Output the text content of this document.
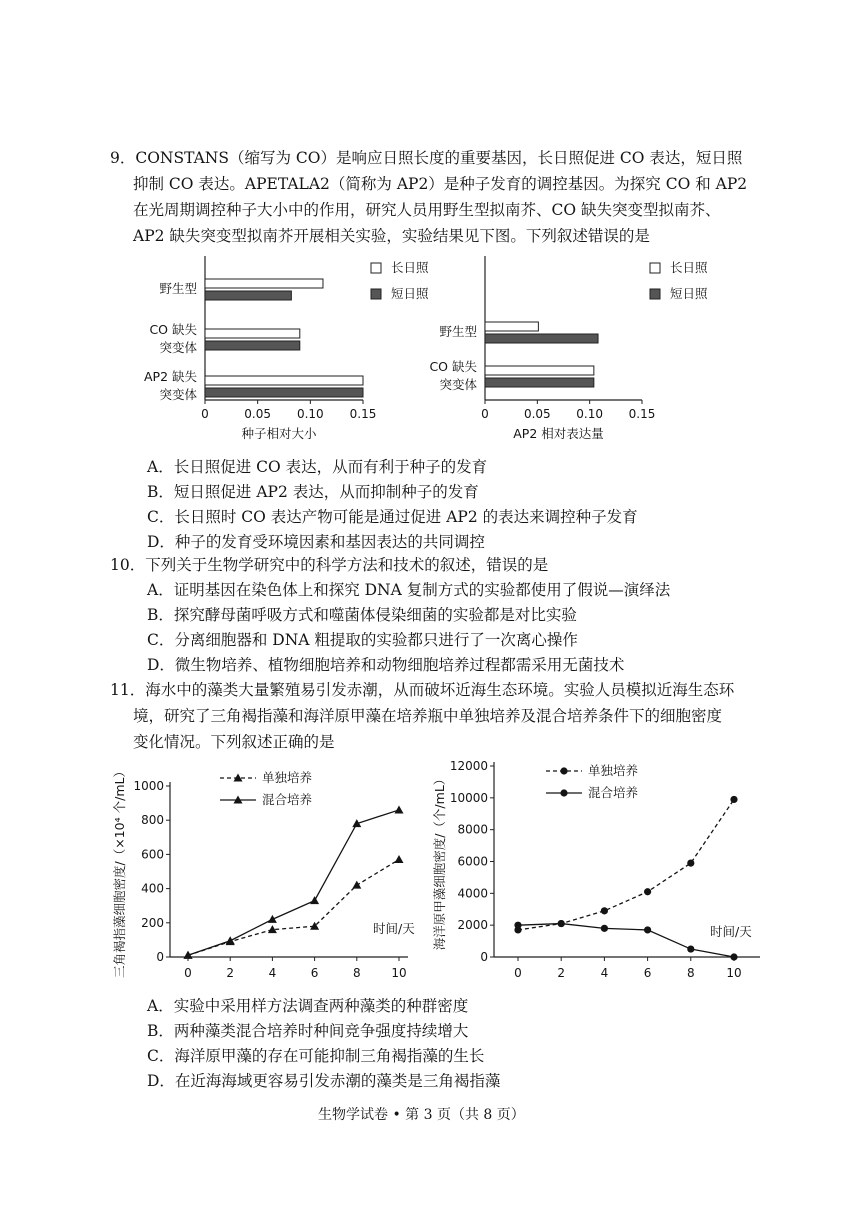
9．CONSTANS（缩写为 CO）是响应日照长度的重要基因，长日照促进 CO 表达，短日照
抑制 CO 表达。APETALA2（简称为 AP2）是种子发育的调控基因。为探究 CO 和 AP2
在光周期调控种子大小中的作用，研究人员用野生型拟南芥、CO 缺失突变型拟南芥、
AP2 缺失突变型拟南芥开展相关实验，实验结果见下图。下列叙述错误的是
0	0.05 0.10 0.15
种子相对大小
野生型
CO 缺失
突变体
AP2 缺失
突变体
长日照
短日照
0	0.05 0.10 0.15
AP2 相对表达量
野生型
CO 缺失
突变体
长日照
短日照
A．长日照促进 CO 表达，从而有利于种子的发育
B．短日照促进 AP2 表达，从而抑制种子的发育
C．长日照时 CO 表达产物可能是通过促进 AP2 的表达来调控种子发育
D．种子的发育受环境因素和基因表达的共同调控
10．下列关于生物学研究中的科学方法和技术的叙述，错误的是
A．证明基因在染色体上和探究 DNA 复制方式的实验都使用了假说—演绎法
B．探究酵母菌呼吸方式和噬菌体侵染细菌的实验都是对比实验
C．分离细胞器和 DNA 粗提取的实验都只进行了一次离心操作
D．微生物培养、植物细胞培养和动物细胞培养过程都需采用无菌技术
11．海水中的藻类大量繁殖易引发赤潮，从而破坏近海生态环境。实验人员模拟近海生态环
境，研究了三角褐指藻和海洋原甲藻在培养瓶中单独培养及混合培养条件下的细胞密度
变化情况。下列叙述正确的是
0
200
400
600
800
1000
0	2	4	6	8	10
时间/天
三角褐指藻细胞密度/（×10⁴ 个/mL）	单独培养
混合培养
0
2000
4000
6000
8000
10000
12000
0	2	4	6	8	10
时间/天
海洋原甲藻细胞密度/（个/mL）
单独培养
混合培养
A．实验中采用样方法调查两种藻类的种群密度
B．两种藻类混合培养时种间竞争强度持续增大
C．海洋原甲藻的存在可能抑制三角褐指藻的生长
D．在近海海域更容易引发赤潮的藻类是三角褐指藻
生物学试卷 • 第 3 页（共 8 页）
